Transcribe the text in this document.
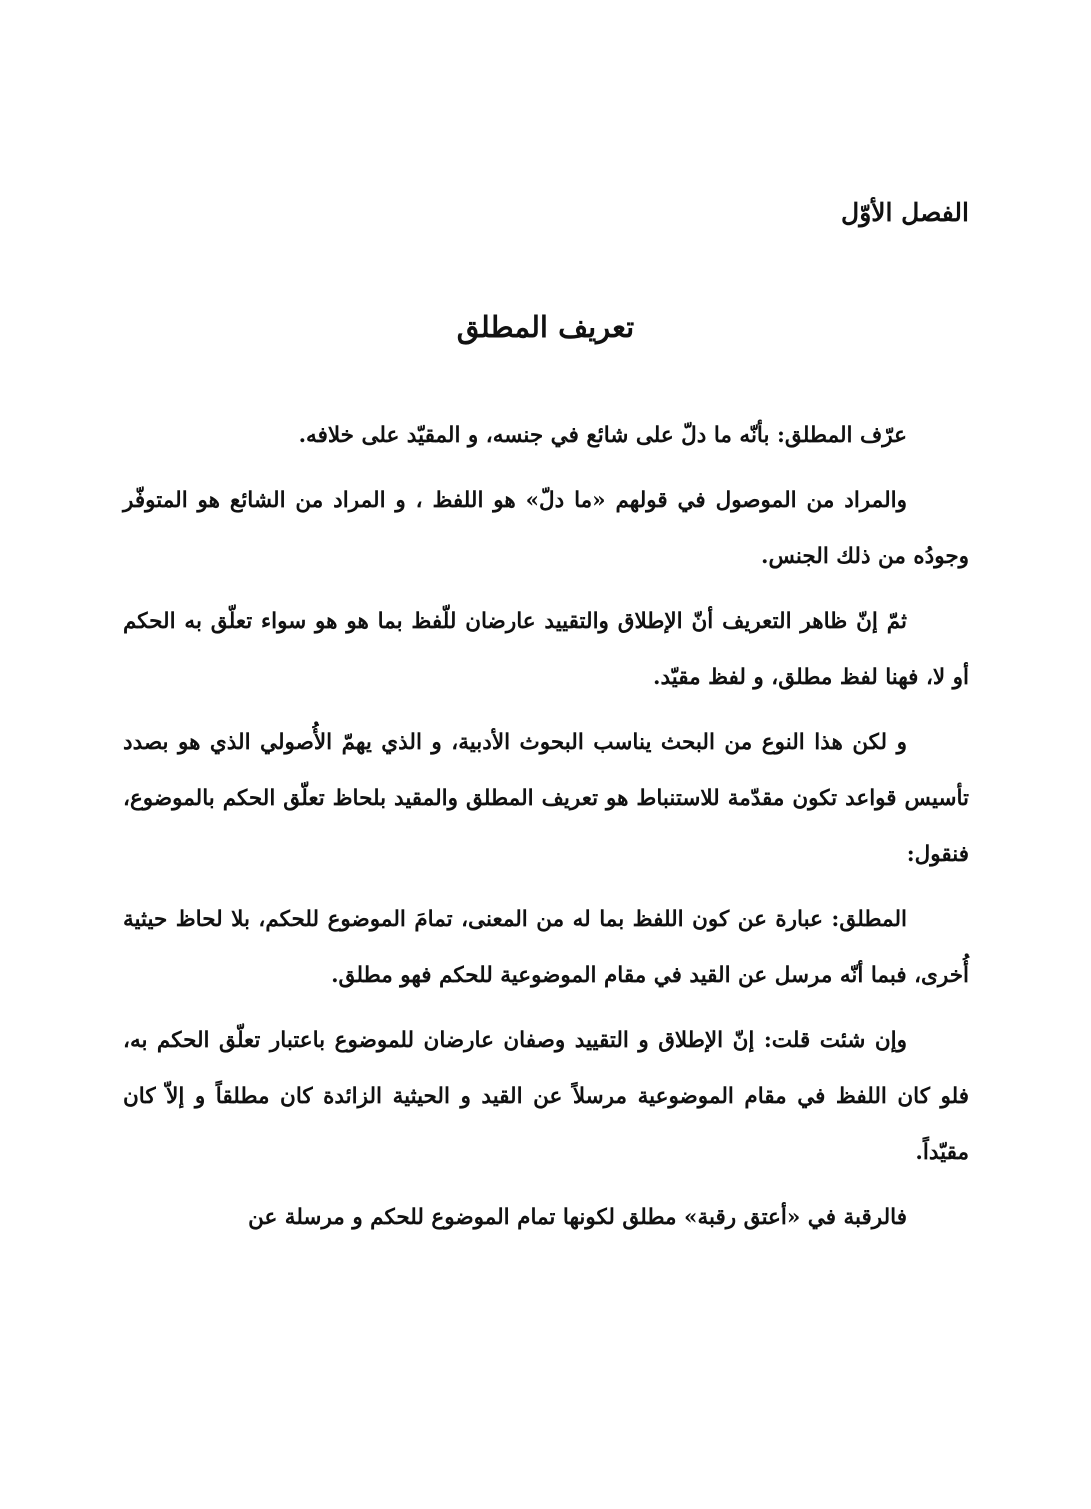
الفصل الأوّل
تعريف المطلق

عرّف المطلق: بأنّه ما دلّ على شائع في جنسه، و المقيّد على خلافه.

والمراد من الموصول في قولهم «ما دلّ» هو اللفظ ، و المراد من الشائع هو المتوفّر وجودُه من ذلك الجنس.

ثمّ إنّ ظاهر التعريف أنّ الإطلاق والتقييد عارضان للّفظ بما هو هو سواء تعلّق به الحكم أو لا، فهنا لفظ مطلق، و لفظ مقيّد.

و لكن هذا النوع من البحث يناسب البحوث الأدبية، و الذي يهمّ الأُصولي الذي هو بصدد تأسيس قواعد تكون مقدّمة للاستنباط هو تعريف المطلق والمقيد بلحاظ تعلّق الحكم بالموضوع، فنقول:

المطلق: عبارة عن كون اللفظ بما له من المعنى، تمامَ الموضوع للحكم، بلا لحاظ حيثية أُخرى، فبما أنّه مرسل عن القيد في مقام الموضوعية للحكم فهو مطلق.

وإن شئت قلت: إنّ الإطلاق و التقييد وصفان عارضان للموضوع باعتبار تعلّق الحكم به، فلو كان اللفظ في مقام الموضوعية مرسلاً عن القيد و الحيثية الزائدة كان مطلقاً و إلاّ كان مقيّداً.

فالرقبة في «أعتق رقبة» مطلق لكونها تمام الموضوع للحكم و مرسلة عن
